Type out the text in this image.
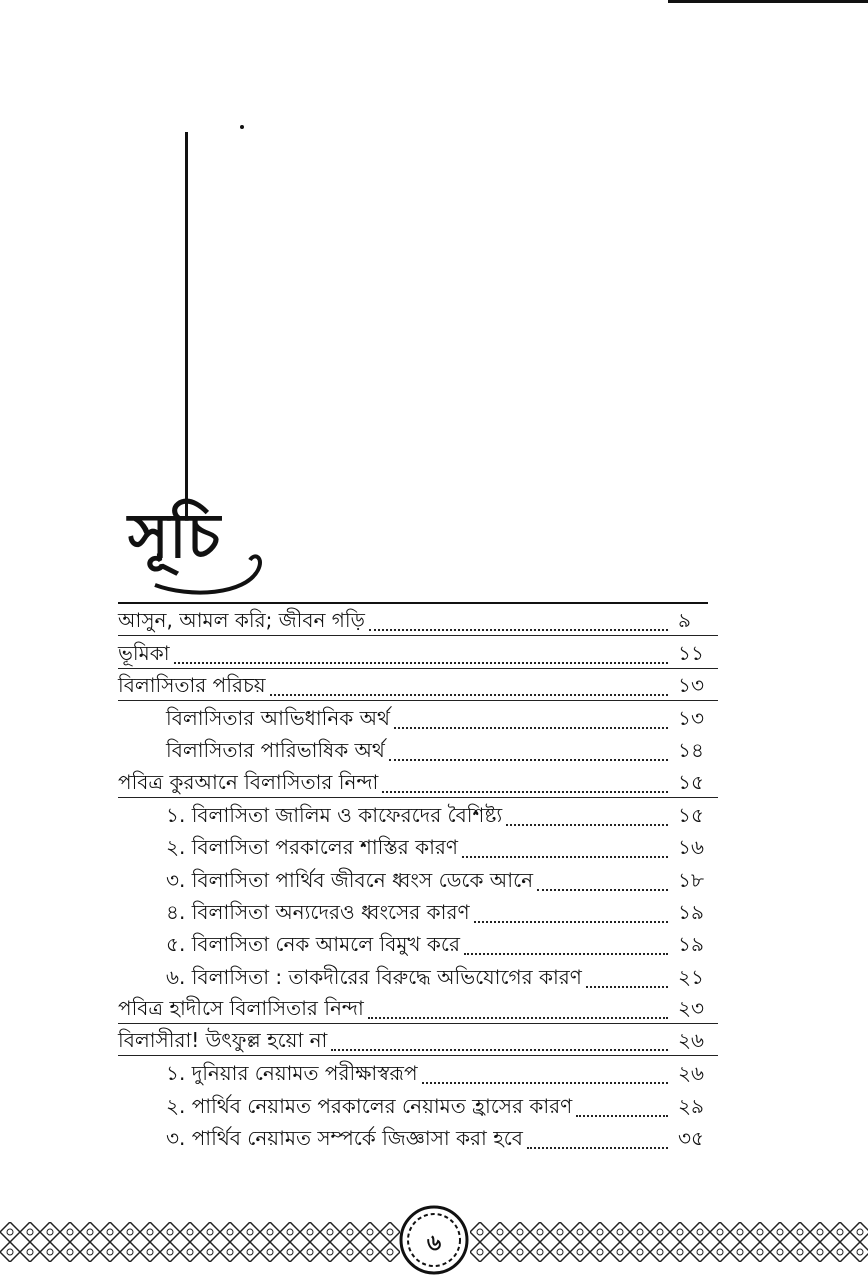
সূচি
আসুন, আমল করি; জীবন গড়ি	৯
ভূমিকা	১১
বিলাসিতার পরিচয়	১৩
বিলাসিতার আভিধানিক অর্থ	১৩
বিলাসিতার পারিভাষিক অর্থ	১৪
পবিত্র কুরআনে বিলাসিতার নিন্দা	১৫
১. বিলাসিতা জালিম ও কাফেরদের বৈশিষ্ট্য	১৫
২. বিলাসিতা পরকালের শাস্তির কারণ	১৬
৩. বিলাসিতা পার্থিব জীবনে ধ্বংস ডেকে আনে	১৮
৪. বিলাসিতা অন্যদেরও ধ্বংসের কারণ	১৯
৫. বিলাসিতা নেক আমলে বিমুখ করে	১৯
৬. বিলাসিতা : তাকদীরের বিরুদ্ধে অভিযোগের কারণ	২১
পবিত্র হাদীসে বিলাসিতার নিন্দা	২৩
বিলাসীরা! উৎফুল্ল হয়ো না	২৬
১. দুনিয়ার নেয়ামত পরীক্ষাস্বরূপ	২৬
২. পার্থিব নেয়ামত পরকালের নেয়ামত হ্রাসের কারণ	২৯
৩. পার্থিব নেয়ামত সম্পর্কে জিজ্ঞাসা করা হবে	৩৫
৬
